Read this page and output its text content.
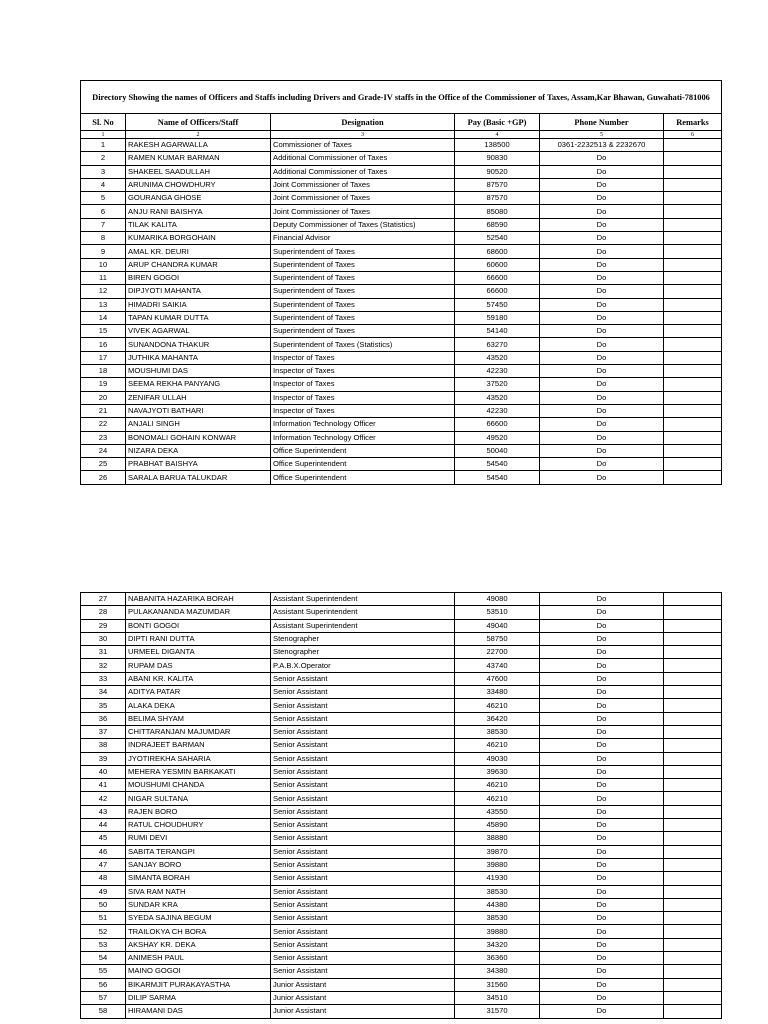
Directory Showing the names of Officers and Staffs including Drivers and Grade-IV staffs in the Office of the Commissioner of Taxes, Assam,Kar Bhawan, Guwahati-781006					
Sl. No	Name of Officers/Staff	Designation	Pay (Basic +GP)	Phone Number	Remarks
1	2	3	4	5	6
1	RAKESH AGARWALLA	Commissioner of Taxes	138500	0361-2232513 & 2232670	
2	RAMEN KUMAR BARMAN	Additional Commissioner of Taxes	90830	Do	
3	SHAKEEL SAADULLAH	Additional Commissioner of Taxes	90520	Do	
4	ARUNIMA CHOWDHURY	Joint Commissioner of Taxes	87570	Do	
5	GOURANGA GHOSE	Joint Commissioner of Taxes	87570	Do	
6	ANJU RANI BAISHYA	Joint Commissioner of Taxes	85080	Do	
7	TILAK KALITA	Deputy Commissioner of Taxes (Statistics)	68590	Do	
8	KUMARIKA BORGOHAIN	Financial Advisor	52540	Do	
9	AMAL KR. DEURI	Superintendent of Taxes	68600	Do	
10	ARUP CHANDRA KUMAR	Superintendent of Taxes	60600	Do	
11	BIREN GOGOI	Superintendent of Taxes	66600	Do	
12	DIPJYOTI MAHANTA	Superintendent of Taxes	66600	Do	
13	HIMADRI SAIKIA	Superintendent of Taxes	57450	Do	
14	TAPAN KUMAR DUTTA	Superintendent of Taxes	59180	Do	
15	VIVEK AGARWAL	Superintendent of Taxes	54140	Do	
16	SUNANDONA THAKUR	Superintendent of Taxes (Statistics)	63270	Do	
17	JUTHIKA MAHANTA	Inspector of Taxes	43520	Do	
18	MOUSHUMI DAS	Inspector of Taxes	42230	Do	
19	SEEMA REKHA PANYANG	Inspector of Taxes	37520	Do	
20	ZENIFAR ULLAH	Inspector of Taxes	43520	Do	
21	NAVAJYOTI BATHARI	Inspector of Taxes	42230	Do	
22	ANJALI SINGH	Information Technology Officer	66600	Do	
23	BONOMALI GOHAIN KONWAR	Information Technology Officer	49520	Do	
24	NIZARA DEKA	Office Superintendent	50040	Do	
25	PRABHAT BAISHYA	Office Superintendent	54540	Do	
26	SARALA BARUA TALUKDAR	Office Superintendent	54540	Do	
27	NABANITA HAZARIKA BORAH	Assistant Superintendent	49080	Do	
28	PULAKANANDA MAZUMDAR	Assistant Superintendent	53510	Do	
29	BONTI GOGOI	Assistant Superintendent	49040	Do	
30	DIPTI RANI DUTTA	Stenographer	58750	Do	
31	URMEEL DIGANTA	Stenographer	22700	Do	
32	RUPAM DAS	P.A.B.X.Operator	43740	Do	
33	ABANI KR. KALITA	Senior Assistant	47600	Do	
34	ADITYA PATAR	Senior Assistant	33480	Do	
35	ALAKA DEKA	Senior Assistant	46210	Do	
36	BELIMA SHYAM	Senior Assistant	36420	Do	
37	CHITTARANJAN MAJUMDAR	Senior Assistant	38530	Do	
38	INDRAJEET BARMAN	Senior Assistant	46210	Do	
39	JYOTIREKHA SAHARIA	Senior Assistant	49030	Do	
40	MEHERA YESMIN BARKAKATI	Senior Assistant	39630	Do	
41	MOUSHUMI CHANDA	Senior Assistant	46210	Do	
42	NIGAR SULTANA	Senior Assistant	46210	Do	
43	RAJEN BORO	Senior Assistant	43550	Do	
44	RATUL CHOUDHURY	Senior Assistant	45890	Do	
45	RUMI DEVI	Senior Assistant	38880	Do	
46	SABITA TERANGPI	Senior Assistant	39870	Do	
47	SANJAY BORO	Senior Assistant	39880	Do	
48	SIMANTA BORAH	Senior Assistant	41930	Do	
49	SIVA RAM NATH	Senior Assistant	38530	Do	
50	SUNDAR KRA	Senior Assistant	44380	Do	
51	SYEDA SAJINA BEGUM	Senior Assistant	38530	Do	
52	TRAILOKYA CH BORA	Senior Assistant	39880	Do	
53	AKSHAY KR. DEKA	Senior Assistant	34320	Do	
54	ANIMESH PAUL	Senior Assistant	36360	Do	
55	MAINO GOGOI	Senior Assistant	34380	Do	
56	BIKARMJIT PURAKAYASTHA	Junior Assistant	31560	Do	
57	DILIP SARMA	Junior Assistant	34510	Do	
58	HIRAMANI DAS	Junior Assistant	31570	Do	
